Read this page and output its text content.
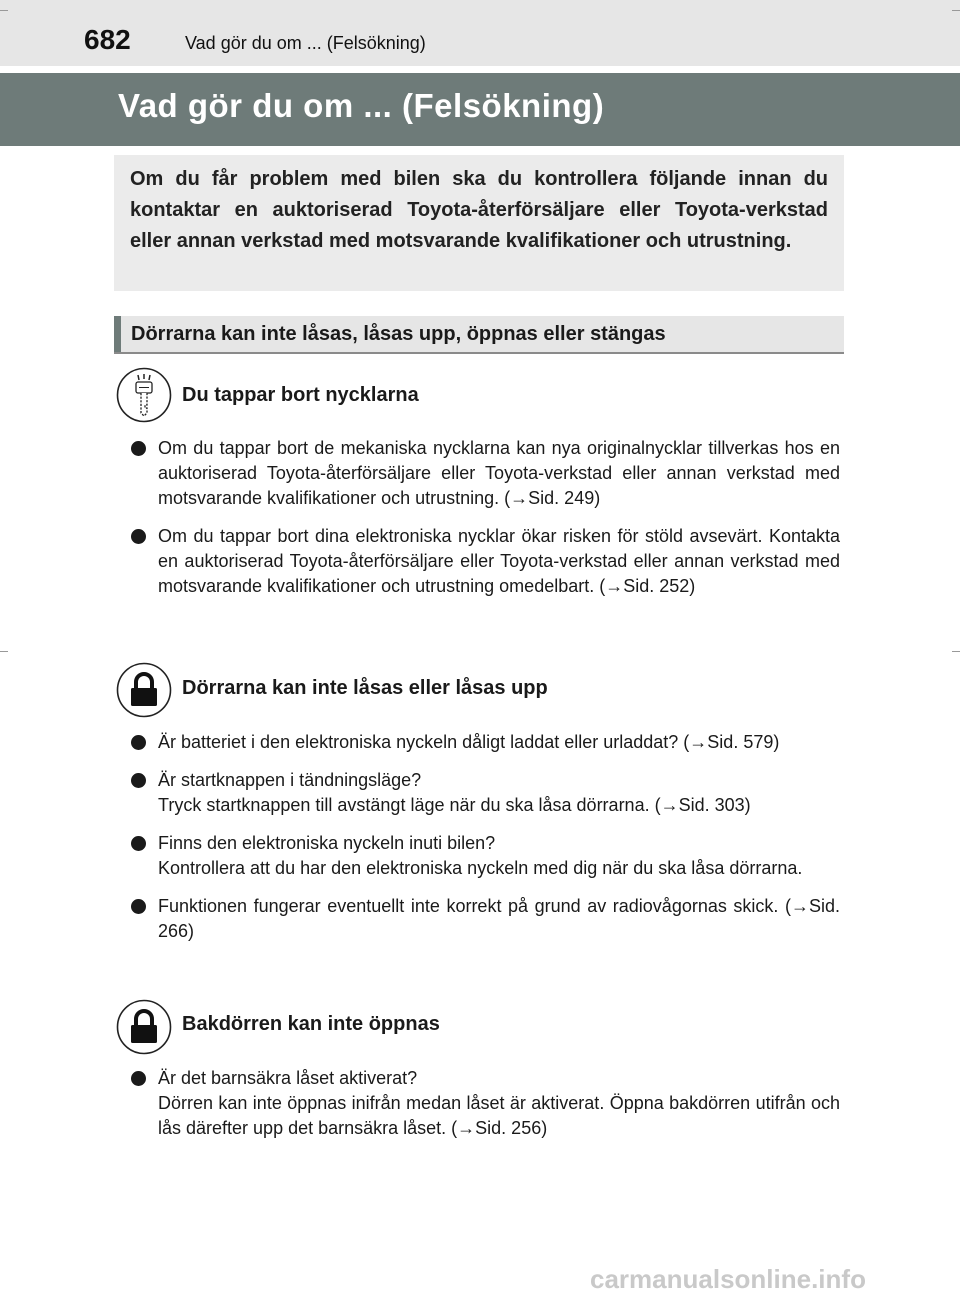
682	Vad gör du om ... (Felsökning)
Vad gör du om ... (Felsökning)

Om du får problem med bilen ska du kontrollera följande innan du kontaktar en auktoriserad Toyota-återförsäljare eller Toyota-verkstad eller annan verkstad med motsvarande kvalifikationer och utrustning.

Dörrarna kan inte låsas, låsas upp, öppnas eller stängas
Du tappar bort nycklarna
Om du tappar bort de mekaniska nycklarna kan nya originalnycklar tillverkas hos en auktoriserad Toyota-återförsäljare eller Toyota-verkstad eller annan verkstad med motsvarande kvalifikationer och utrustning. (→Sid. 249)
Om du tappar bort dina elektroniska nycklar ökar risken för stöld avsevärt. Kontakta en auktoriserad Toyota-återförsäljare eller Toyota-verkstad eller annan verkstad med motsvarande kvalifikationer och utrustning omedelbart. (→Sid. 252)
Dörrarna kan inte låsas eller låsas upp
Är batteriet i den elektroniska nyckeln dåligt laddat eller urladdat? (→Sid. 579)
Är startknappen i tändningsläge?
Tryck startknappen till avstängt läge när du ska låsa dörrarna. (→Sid. 303)
Finns den elektroniska nyckeln inuti bilen?
Kontrollera att du har den elektroniska nyckeln med dig när du ska låsa dörrarna.
Funktionen fungerar eventuellt inte korrekt på grund av radiovågornas skick. (→Sid. 266)
Bakdörren kan inte öppnas
Är det barnsäkra låset aktiverat?
Dörren kan inte öppnas inifrån medan låset är aktiverat. Öppna bakdörren utifrån och lås därefter upp det barnsäkra låset. (→Sid. 256)
carmanualsonline.info
